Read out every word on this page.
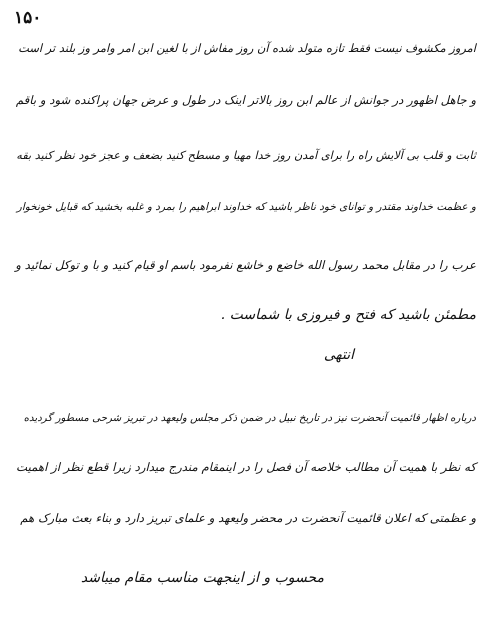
۱۵۰
امروز مکشوف نیست فقط تازه متولد شده آن روز مفاش از با لغین ابن امر وامر وز بلند تر است
و جاهل اظهور در جوانش از عالم ابن روز بالاتر اینک در طول و عرض جهان پراکنده شود و باقم
ثابت و قلب بی آلایش راه را برای آمدن روز خدا مهیا و مسطح کنید بضعف و عجز خود نظر کنید بقه
و عظمت خداوند مقتدر و توانای خود ناظر باشید که خداوند ابراهیم را بمرد و غلبه بخشید که قبایل خونخوار
عرب را در مقابل محمد رسول الله خاضع و خاشع نفرمود باسم او قیام کنید و با و توکل نمائید و
مطمئن باشید که فتح و فیروزی با شماست .
انتهی
درباره اظهار قائمیت آنحضرت نیز در تاریخ نبیل در ضمن ذکر مجلس ولیعهد در تبریز شرحی مسطور گردیده
که نظر با همیت آن مطالب خلاصه آن فصل را در اینمقام مندرج میدارد زیرا قطع نظر از اهمیت
و عظمتی که اعلان قائمیت آنحضرت در محضر ولیعهد و علمای تبریز دارد و بناء بعث مبارک هم
محسوب و از اینجهت مناسب مقام میباشد
